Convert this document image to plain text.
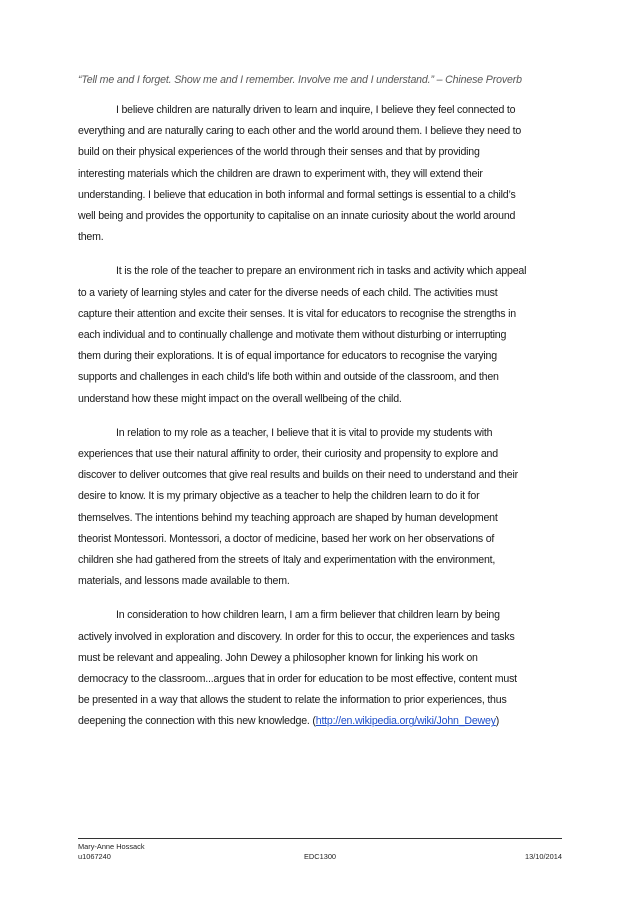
“Tell me and I forget. Show me and I remember. Involve me and I understand.” – Chinese Proverb

I believe children are naturally driven to learn and inquire, I believe they feel connected to
everything and are naturally caring to each other and the world around them. I believe they need to
build on their physical experiences of the world through their senses and that by providing
interesting materials which the children are drawn to experiment with, they will extend their
understanding. I believe that education in both informal and formal settings is essential to a child’s
well being and provides the opportunity to capitalise on an innate curiosity about the world around
them.

It is the role of the teacher to prepare an environment rich in tasks and activity which appeal
to a variety of learning styles and cater for the diverse needs of each child. The activities must
capture their attention and excite their senses. It is vital for educators to recognise the strengths in
each individual and to continually challenge and motivate them without disturbing or interrupting
them during their explorations. It is of equal importance for educators to recognise the varying
supports and challenges in each child’s life both within and outside of the classroom, and then
understand how these might impact on the overall wellbeing of the child.

In relation to my role as a teacher, I believe that it is vital to provide my students with
experiences that use their natural affinity to order, their curiosity and propensity to explore and
discover to deliver outcomes that give real results and builds on their need to understand and their
desire to know. It is my primary objective as a teacher to help the children learn to do it for
themselves. The intentions behind my teaching approach are shaped by human development
theorist Montessori. Montessori, a doctor of medicine, based her work on her observations of
children she had gathered from the streets of Italy and experimentation with the environment,
materials, and lessons made available to them.

In consideration to how children learn, I am a firm believer that children learn by being
actively involved in exploration and discovery. In order for this to occur, the experiences and tasks
must be relevant and appealing. John Dewey a philosopher known for linking his work on
democracy to the classroom...argues that in order for education to be most effective, content must
be presented in a way that allows the student to relate the information to prior experiences, thus
deepening the connection with this new knowledge. (http://en.wikipedia.org/wiki/John_Dewey)

Mary-Anne Hossack
u1067240	EDC1300	13/10/2014
